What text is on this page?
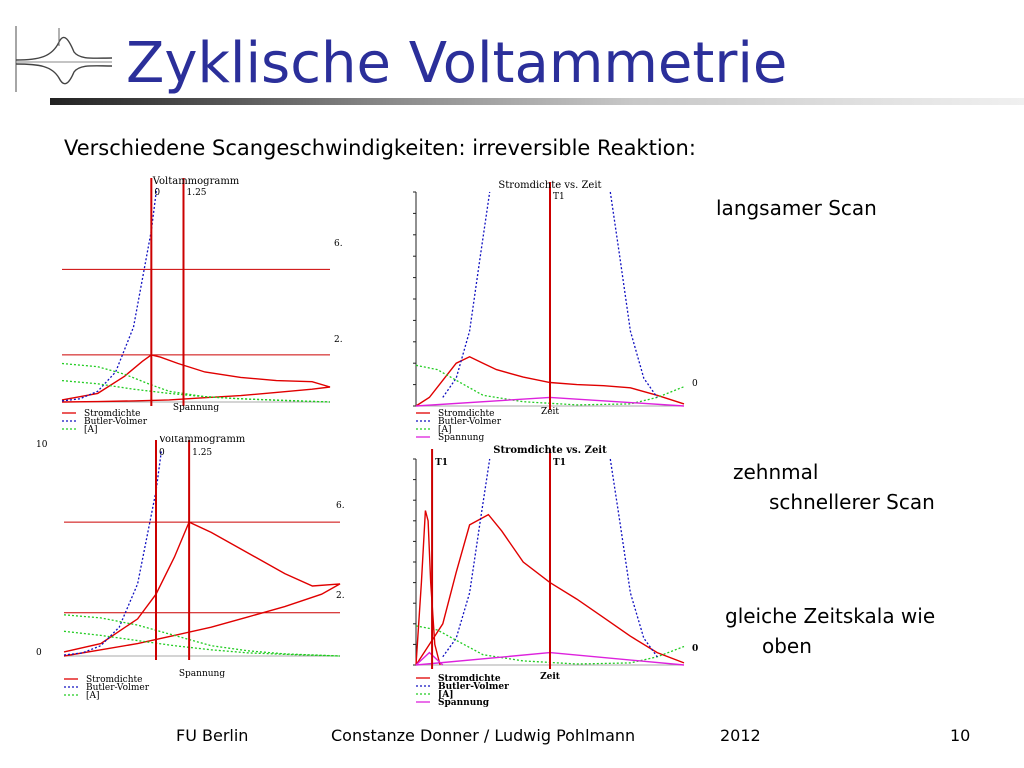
Zyklische Voltammetrie
Verschiedene Scangeschwindigkeiten: irreversible Reaktion:
0	1.25
Voltammogramm
Spannung
6.
2.
Stromdichte
Butler-Volmer
[A]
T1
Stromdichte vs. Zeit
Zeit
0
Stromdichte
Butler-Volmer
[A]
Spannung
0	1.25
Voltammogramm
Spannung
6.
2.
10
0
Stromdichte
Butler-Volmer
[A]
T1	T1
Stromdichte vs. Zeit
Zeit
0
Stromdichte
Butler-Volmer
[A]
Spannung
langsamer Scan
zehnmal
schnellerer Scan
gleiche Zeitskala wie
oben
FU Berlin	Constanze Donner / Ludwig Pohlmann	2012	10
